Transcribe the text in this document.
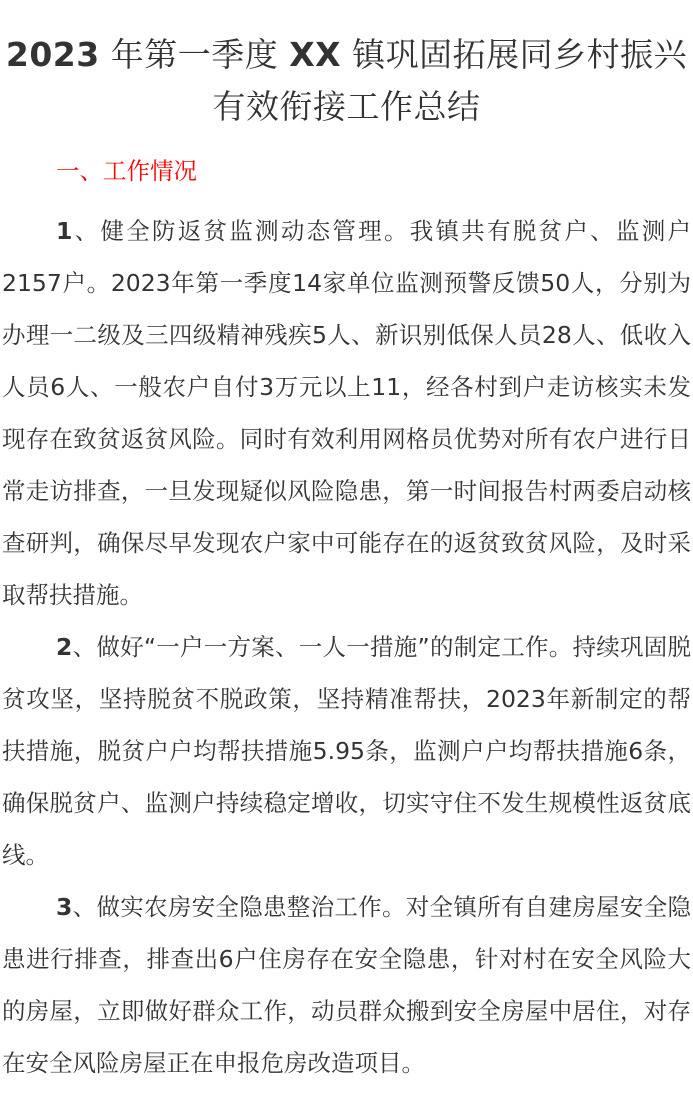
2023 年第一季度 XX 镇巩固拓展同乡村振兴有效衔接工作总结
一、工作情况

1、健全防返贫监测动态管理。我镇共有脱贫户、监测户2157户。2023年第一季度14家单位监测预警反馈50人，分别为办理一二级及三四级精神残疾5人、新识别低保人员28人、低收入人员6人、一般农户自付3万元以上11，经各村到户走访核实未发现存在致贫返贫风险。同时有效利用网格员优势对所有农户进行日常走访排查，一旦发现疑似风险隐患，第一时间报告村两委启动核查研判，确保尽早发现农户家中可能存在的返贫致贫风险，及时采取帮扶措施。

2、做好“一户一方案、一人一措施”的制定工作。持续巩固脱贫攻坚，坚持脱贫不脱政策，坚持精准帮扶，2023年新制定的帮扶措施，脱贫户户均帮扶措施5.95条，监测户户均帮扶措施6条，确保脱贫户、监测户持续稳定增收，切实守住不发生规模性返贫底线。

3、做实农房安全隐患整治工作。对全镇所有自建房屋安全隐患进行排查，排查出6户住房存在安全隐患，针对村在安全风险大的房屋，立即做好群众工作，动员群众搬到安全房屋中居住，对存在安全风险房屋正在申报危房改造项目。
